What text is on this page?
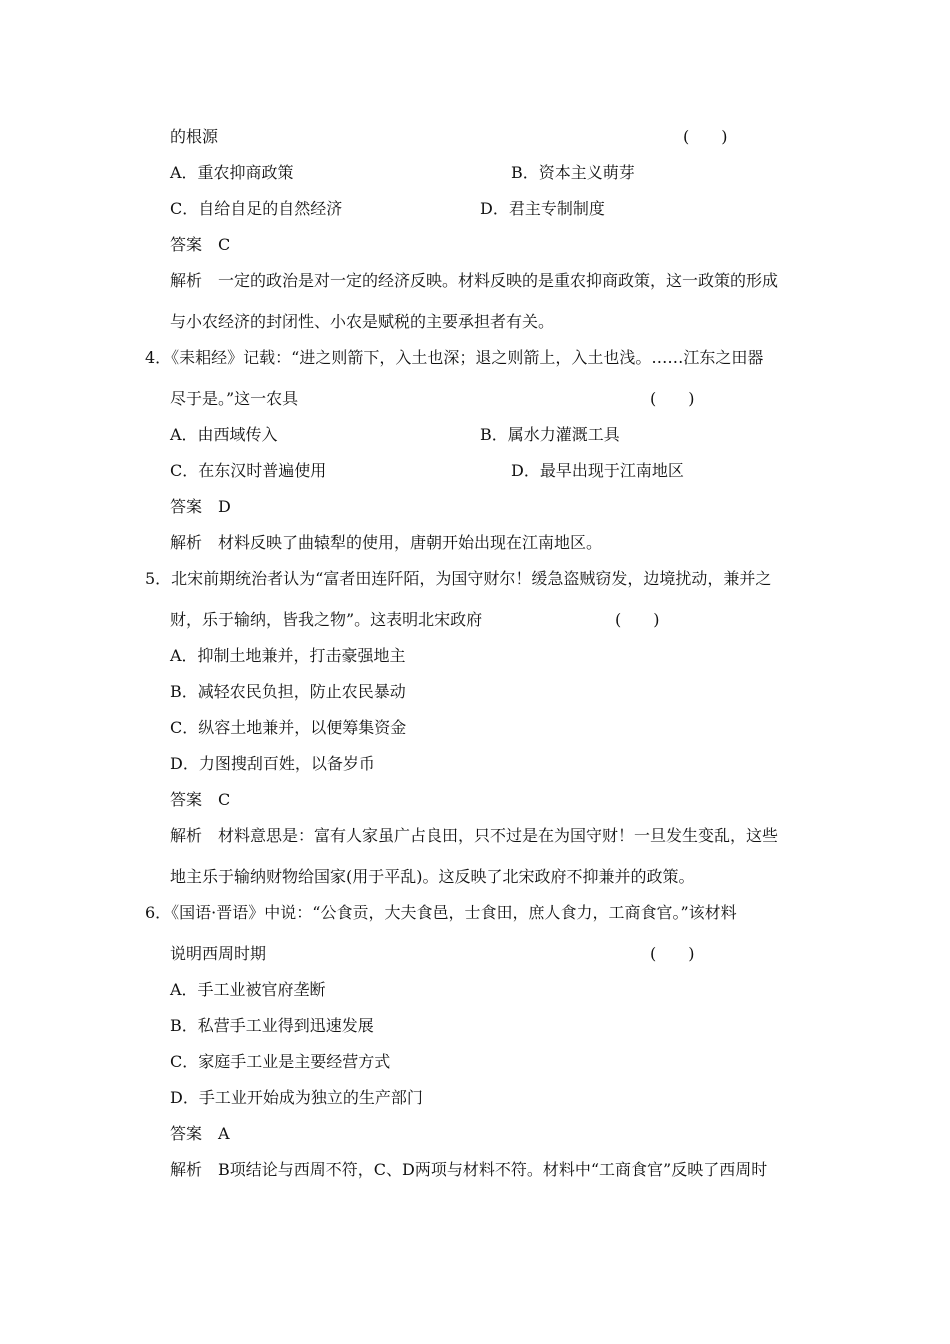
的根源	(　　)
A．重农抑商政策	B．资本主义萌芽
C．自给自足的自然经济	D．君主专制制度
答案　C
解析　一定的政治是对一定的经济反映。材料反映的是重农抑商政策，这一政策的形成
与小农经济的封闭性、小农是赋税的主要承担者有关。
4．《耒耜经》记载：“进之则箭下，入土也深；退之则箭上，入土也浅。……江东之田器
尽于是。”这一农具	(　　)
A．由西域传入	B．属水力灌溉工具
C．在东汉时普遍使用	D．最早出现于江南地区
答案　D
解析　材料反映了曲辕犁的使用，唐朝开始出现在江南地区。
5．北宋前期统治者认为“富者田连阡陌，为国守财尔！缓急盗贼窃发，边境扰动，兼并之
财，乐于输纳，皆我之物”。这表明北宋政府	(　　)
A．抑制土地兼并，打击豪强地主
B．减轻农民负担，防止农民暴动
C．纵容土地兼并，以便筹集资金
D．力图搜刮百姓，以备岁币
答案　C
解析　材料意思是：富有人家虽广占良田，只不过是在为国守财！一旦发生变乱，这些
地主乐于输纳财物给国家(用于平乱)。这反映了北宋政府不抑兼并的政策。
6．《国语·晋语》中说：“公食贡，大夫食邑，士食田，庶人食力，工商食官。”该材料
说明西周时期	(　　)
A．手工业被官府垄断
B．私营手工业得到迅速发展
C．家庭手工业是主要经营方式
D．手工业开始成为独立的生产部门
答案　A
解析　B项结论与西周不符，C、D两项与材料不符。材料中“工商食官”反映了西周时
